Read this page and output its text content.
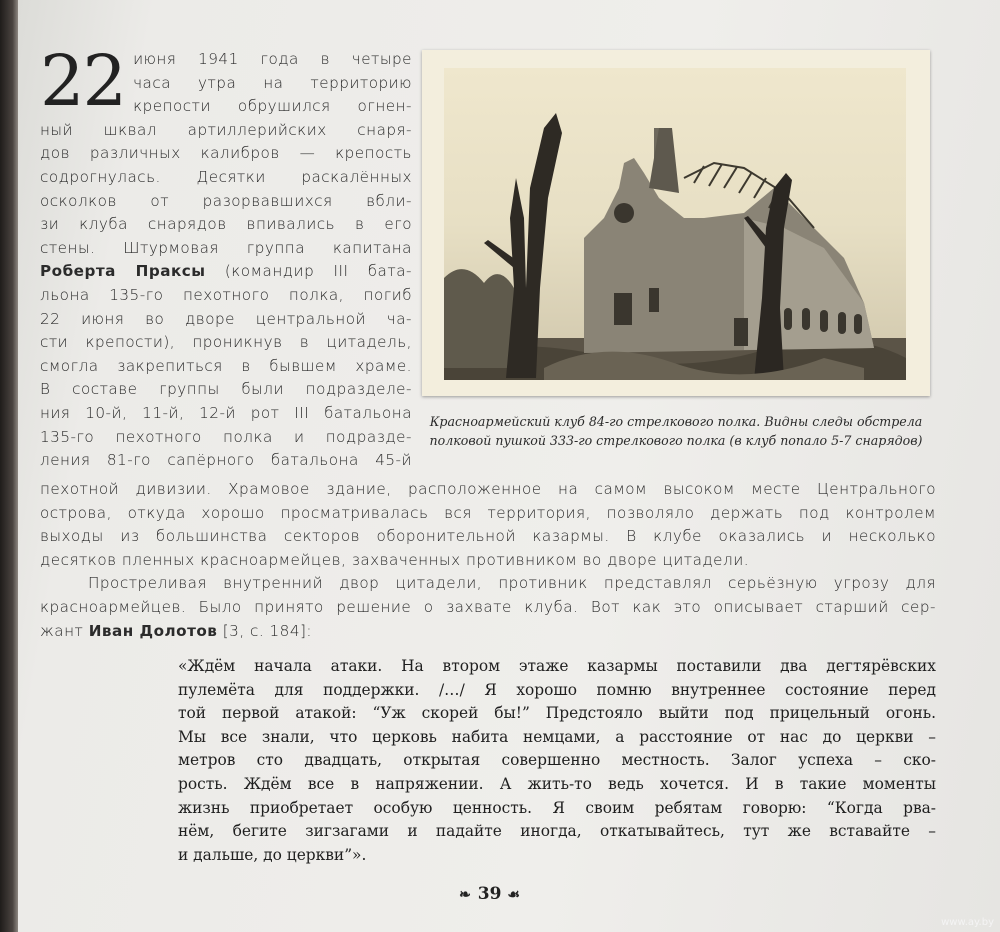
22 июня 1941 года в четыре
часа утра на территорию
крепости обрушился огнен-
ный шквал артиллерийских снаря-
дов различных калибров — крепость
содрогнулась. Десятки раскалённых
осколков от разорвавшихся вбли-
зи клуба снарядов впивались в его
стены. Штурмовая группа капитана
Роберта Праксы (командир III бата-
льона 135-го пехотного полка, погиб
22 июня во дворе центральной ча-
сти крепости), проникнув в цитадель,
смогла закрепиться в бывшем храме.
В составе группы были подразделе-
ния 10-й, 11-й, 12-й рот III батальона
135-го пехотного полка и подразде-
ления 81-го сапёрного батальона 45-й
Красноармейский клуб 84-го стрелкового полка. Видны следы обстрела
полковой пушкой 333-го стрелкового полка (в клуб попало 5-7 снарядов)
пехотной дивизии. Храмовое здание, расположенное на самом высоком месте Центрального
острова, откуда хорошо просматривалась вся территория, позволяло держать под контролем
выходы из большинства секторов оборонительной казармы. В клубе оказались и несколько
десятков пленных красноармейцев, захваченных противником во дворе цитадели.
Простреливая внутренний двор цитадели, противник представлял серьёзную угрозу для
красноармейцев. Было принято решение о захвате клуба. Вот как это описывает старший сер-
жант Иван Долотов [3, с. 184]:
«Ждём начала атаки. На втором этаже казармы поставили два дегтярёвских
пулемёта для поддержки. /…/ Я хорошо помню внутреннее состояние перед
той первой атакой: “Уж скорей бы!” Предстояло выйти под прицельный огонь.
Мы все знали, что церковь набита немцами, а расстояние от нас до церкви –
метров сто двадцать, открытая совершенно местность. Залог успеха – ско-
рость. Ждём все в напряжении. А жить-то ведь хочется. И в такие моменты
жизнь приобретает особую ценность. Я своим ребятам говорю: “Когда рва-
нём, бегите зигзагами и падайте иногда, откатывайтесь, тут же вставайте –
и дальше, до церкви”».
❧ 39 ☙
www.ay.by
